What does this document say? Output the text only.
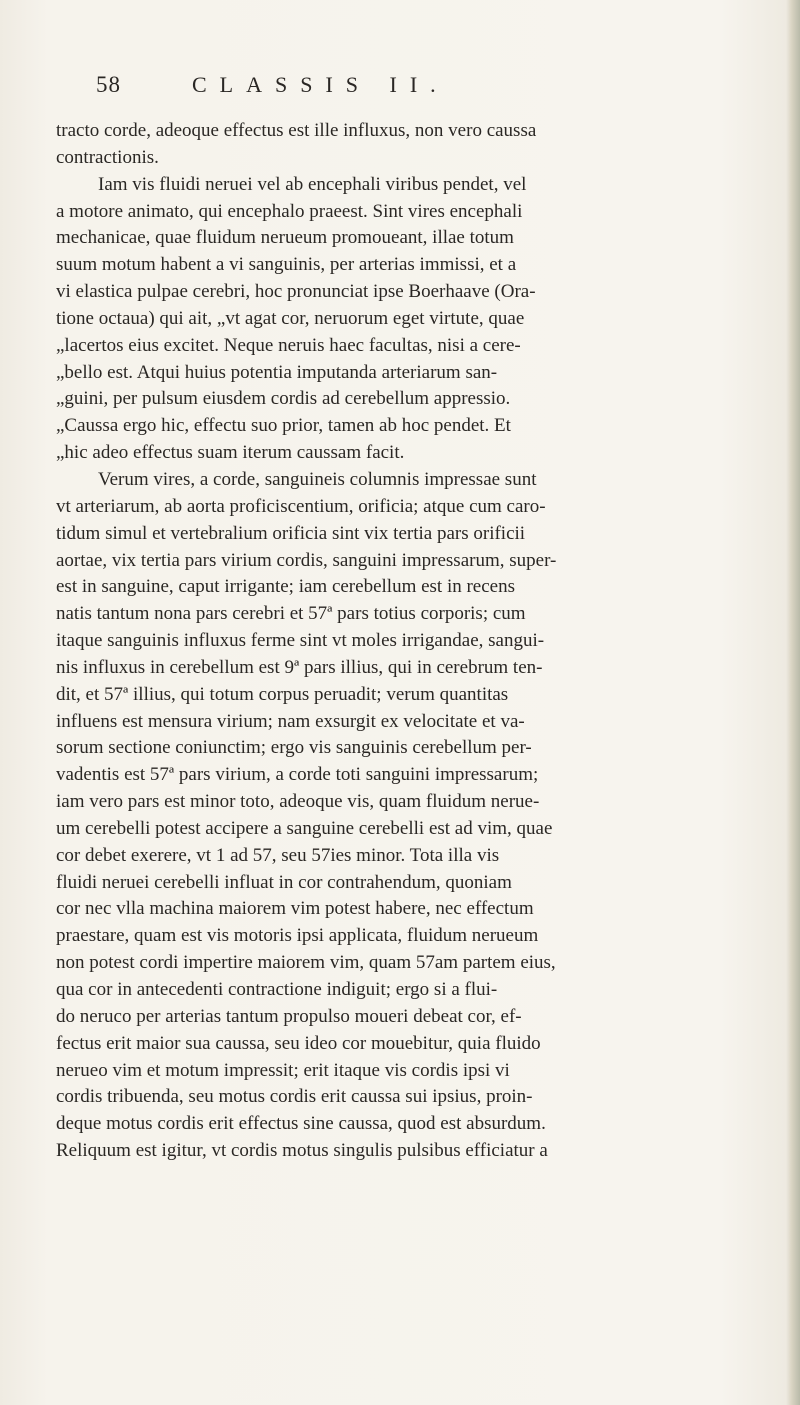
58	CLASSIS II.
tracto corde, adeoque effectus est ille influxus, non vero caussa
contractionis.
Iam vis fluidi neruei vel ab encephali viribus pendet, vel
a motore animato, qui encephalo praeest. Sint vires encephali
mechanicae, quae fluidum nerueum promoueant, illae totum
suum motum habent a vi sanguinis, per arterias immissi, et a
vi elastica pulpae cerebri, hoc pronunciat ipse Boerhaave (Ora-
tione octaua) qui ait, „vt agat cor, neruorum eget virtute, quae
„lacertos eius excitet. Neque neruis haec facultas, nisi a cere-
„bello est. Atqui huius potentia imputanda arteriarum san-
„guini, per pulsum eiusdem cordis ad cerebellum appressio.
„Caussa ergo hic, effectu suo prior, tamen ab hoc pendet. Et
„hic adeo effectus suam iterum caussam facit.
Verum vires, a corde, sanguineis columnis impressae sunt
vt arteriarum, ab aorta proficiscentium, orificia; atque cum caro-
tidum simul et vertebralium orificia sint vix tertia pars orificii
aortae, vix tertia pars virium cordis, sanguini impressarum, super-
est in sanguine, caput irrigante; iam cerebellum est in recens
natis tantum nona pars cerebri et 57ª pars totius corporis; cum
itaque sanguinis influxus ferme sint vt moles irrigandae, sangui-
nis influxus in cerebellum est 9ª pars illius, qui in cerebrum ten-
dit, et 57ª illius, qui totum corpus peruadit; verum quantitas
influens est mensura virium; nam exsurgit ex velocitate et va-
sorum sectione coniunctim; ergo vis sanguinis cerebellum per-
vadentis est 57ª pars virium, a corde toti sanguini impressarum;
iam vero pars est minor toto, adeoque vis, quam fluidum nerue-
um cerebelli potest accipere a sanguine cerebelli est ad vim, quae
cor debet exerere, vt 1 ad 57, seu 57ies minor. Tota illa vis
fluidi neruei cerebelli influat in cor contrahendum, quoniam
cor nec vlla machina maiorem vim potest habere, nec effectum
praestare, quam est vis motoris ipsi applicata, fluidum nerueum
non potest cordi impertire maiorem vim, quam 57am partem eius,
qua cor in antecedenti contractione indiguit; ergo si a flui-
do neruco per arterias tantum propulso moueri debeat cor, ef-
fectus erit maior sua caussa, seu ideo cor mouebitur, quia fluido
nerueo vim et motum impressit; erit itaque vis cordis ipsi vi
cordis tribuenda, seu motus cordis erit caussa sui ipsius, proin-
deque motus cordis erit effectus sine caussa, quod est absurdum.
Reliquum est igitur, vt cordis motus singulis pulsibus efficiatur a
